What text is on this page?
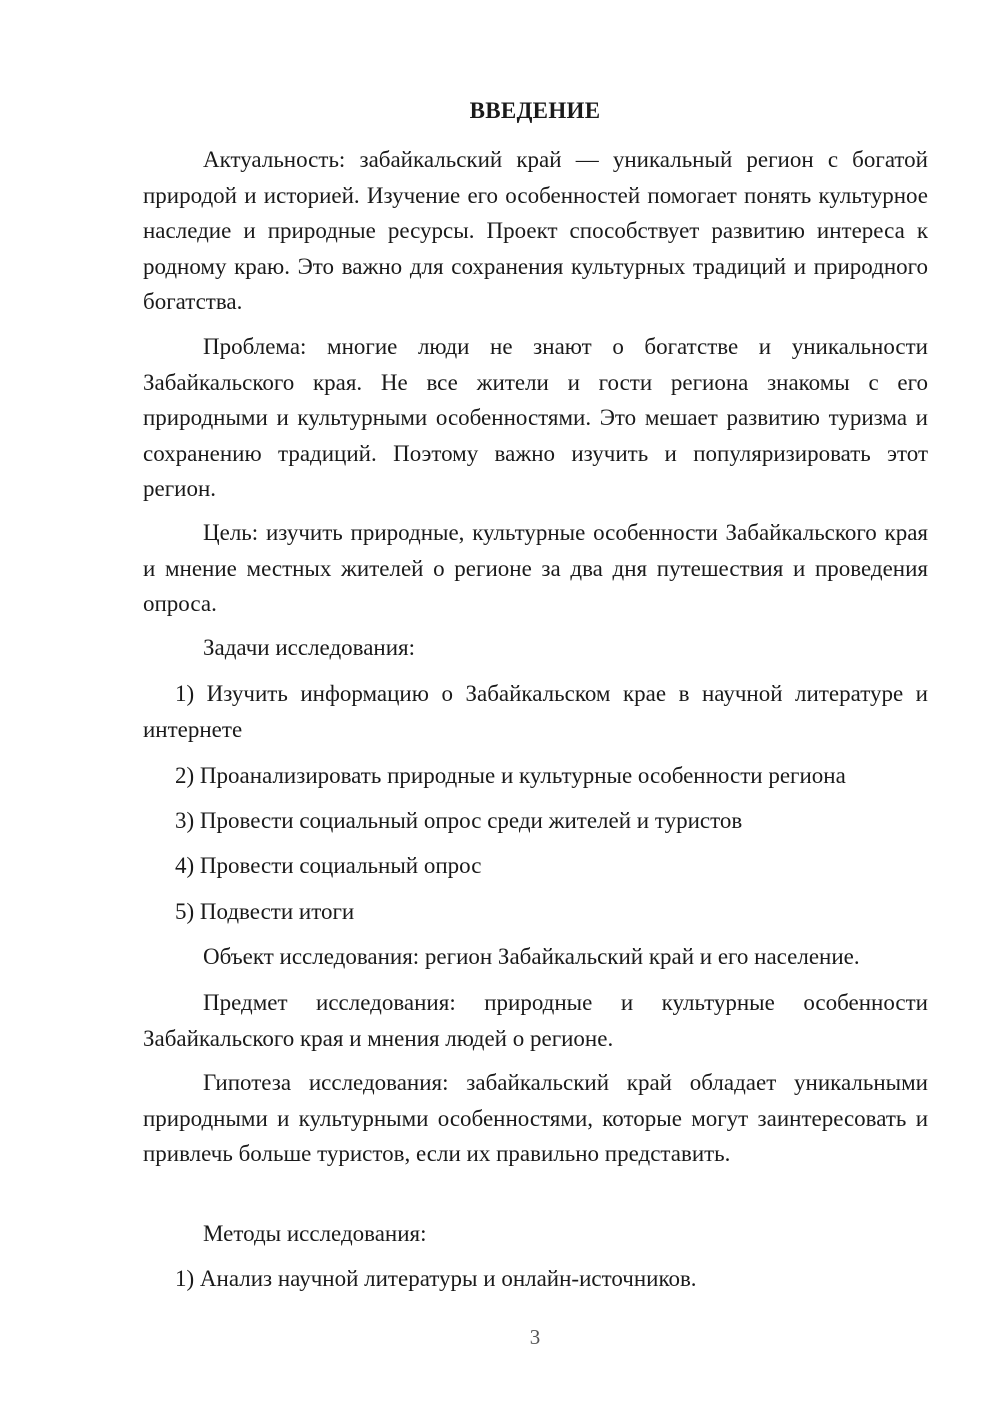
ВВЕДЕНИЕ

Актуальность: забайкальский край — уникальный регион с богатой природой и историей. Изучение его особенностей помогает понять культурное наследие и природные ресурсы. Проект способствует развитию интереса к родному краю. Это важно для сохранения культурных традиций и природного богатства.

Проблема: многие люди не знают о богатстве и уникальности Забайкальского края. Не все жители и гости региона знакомы с его природными и культурными особенностями. Это мешает развитию туризма и сохранению традиций. Поэтому важно изучить и популяризировать этот регион.

Цель: изучить природные, культурные особенности Забайкальского края и мнение местных жителей о регионе за два дня путешествия и проведения опроса.

Задачи исследования:

1) Изучить информацию о Забайкальском крае в научной литературе и интернете

2) Проанализировать природные и культурные особенности региона

3) Провести социальный опрос среди жителей и туристов

4) Провести социальный опрос

5) Подвести итоги

Объект исследования: регион Забайкальский край и его население.

Предмет исследования: природные и культурные особенности Забайкальского края и мнения людей о регионе.

Гипотеза исследования: забайкальский край обладает уникальными природными и культурными особенностями, которые могут заинтересовать и привлечь больше туристов, если их правильно представить.

Методы исследования:

1) Анализ научной литературы и онлайн-источников.

3
